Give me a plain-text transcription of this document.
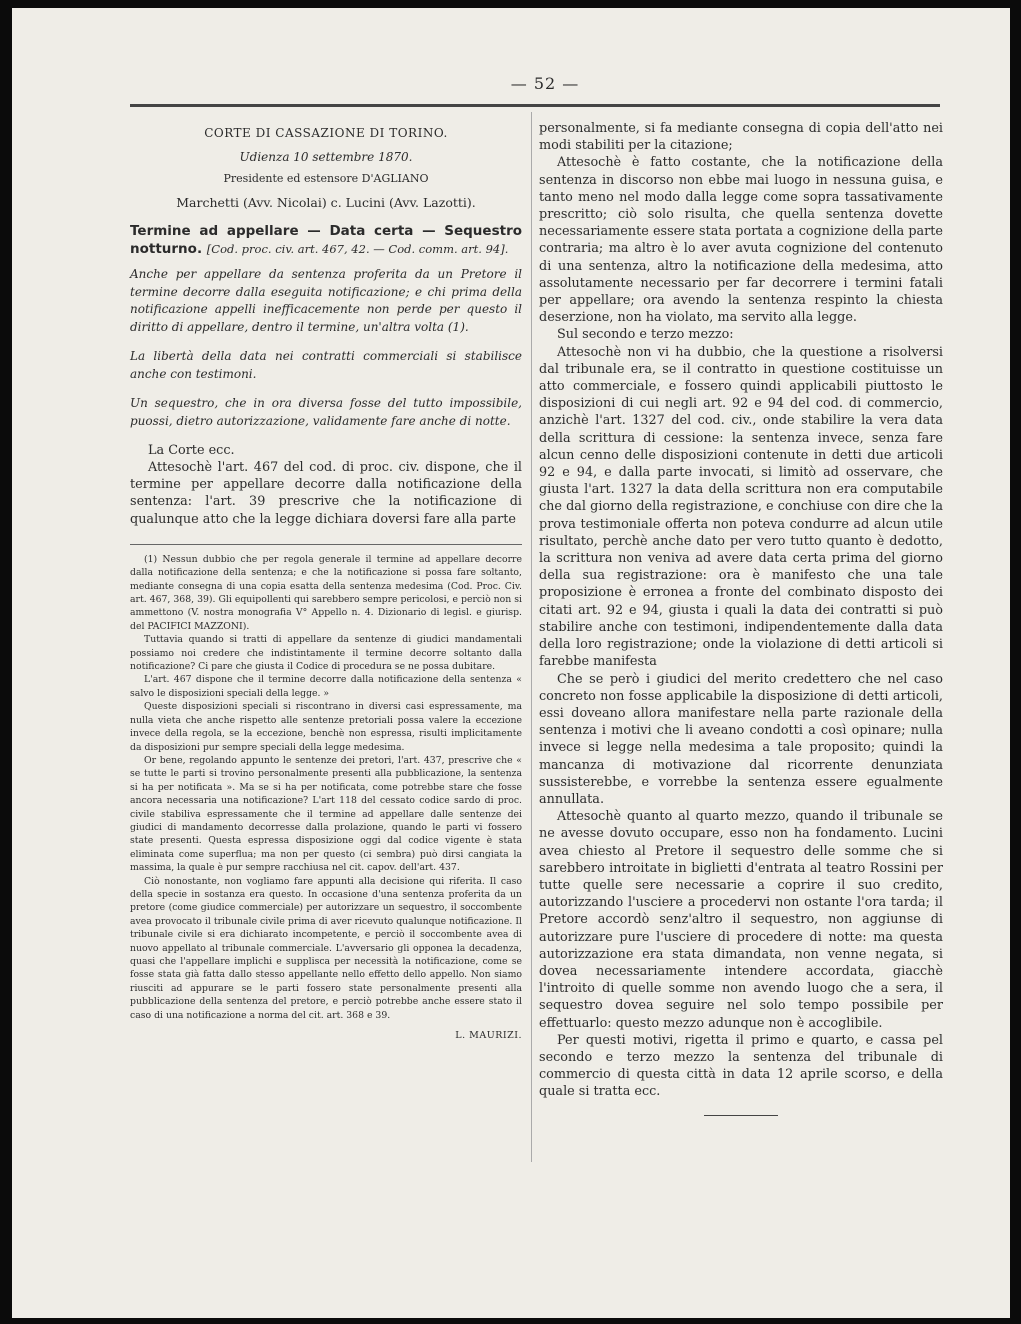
— 52 —
CORTE DI CASSAZIONE DI TORINO.
Udienza 10 settembre 1870.
Presidente ed estensore D'AGLIANO
Marchetti (Avv. Nicolai) c. Lucini (Avv. Lazotti).
Termine ad appellare — Data certa — Sequestro notturno. [Cod. proc. civ. art. 467, 42. — Cod. comm. art. 94].

Anche per appellare da sentenza proferita da un Pretore il termine decorre dalla eseguita notificazione; e chi prima della notificazione appelli inefficacemente non perde per questo il diritto di appellare, dentro il termine, un'altra volta (1).

La libertà della data nei contratti commerciali si stabilisce anche con testimoni.

Un sequestro, che in ora diversa fosse del tutto impossibile, puossi, dietro autorizzazione, validamente fare anche di notte.

La Corte ecc.

Attesochè l'art. 467 del cod. di proc. civ. dispone, che il termine per appellare decorre dalla notificazione della sentenza: l'art. 39 prescrive che la notificazione di qualunque atto che la legge dichiara doversi fare alla parte

(1) Nessun dubbio che per regola generale il termine ad appellare decorre dalla notificazione della sentenza; e che la notificazione si possa fare soltanto, mediante consegna di una copia esatta della sentenza medesima (Cod. Proc. Civ. art. 467, 368, 39). Gli equipollenti qui sarebbero sempre pericolosi, e perciò non si ammettono (V. nostra monografia V° Appello n. 4. Dizionario di legisl. e giurisp. del PACIFICI MAZZONI).

Tuttavia quando si tratti di appellare da sentenze di giudici mandamentali possiamo noi credere che indistintamente il termine decorre soltanto dalla notificazione? Ci pare che giusta il Codice di procedura se ne possa dubitare.

L'art. 467 dispone che il termine decorre dalla notificazione della sentenza « salvo le disposizioni speciali della legge. »

Queste disposizioni speciali si riscontrano in diversi casi espressamente, ma nulla vieta che anche rispetto alle sentenze pretoriali possa valere la eccezione invece della regola, se la eccezione, benchè non espressa, risulti implicitamente da disposizioni pur sempre speciali della legge medesima.

Or bene, regolando appunto le sentenze dei pretori, l'art. 437, prescrive che « se tutte le parti si trovino personalmente presenti alla pubblicazione, la sentenza si ha per notificata ». Ma se si ha per notificata, come potrebbe stare che fosse ancora necessaria una notificazione? L'art 118 del cessato codice sardo di proc. civile stabiliva espressamente che il termine ad appellare dalle sentenze dei giudici di mandamento decorresse dalla prolazione, quando le parti vi fossero state presenti. Questa espressa disposizione oggi dal codice vigente è stata eliminata come superflua; ma non per questo (ci sembra) può dirsi cangiata la massima, la quale è pur sempre racchiusa nel cit. capov. dell'art. 437.

Ciò nonostante, non vogliamo fare appunti alla decisione qui riferita. Il caso della specie in sostanza era questo. In occasione d'una sentenza proferita da un pretore (come giudice commerciale) per autorizzare un sequestro, il soccombente avea provocato il tribunale civile prima di aver ricevuto qualunque notificazione. Il tribunale civile si era dichiarato incompetente, e perciò il soccombente avea di nuovo appellato al tribunale commerciale. L'avversario gli opponea la decadenza, quasi che l'appellare implichi e supplisca per necessità la notificazione, come se fosse stata già fatta dallo stesso appellante nello effetto dello appello. Non siamo riusciti ad appurare se le parti fossero state personalmente presenti alla pubblicazione della sentenza del pretore, e perciò potrebbe anche essere stato il caso di una notificazione a norma del cit. art. 368 e 39.

L. MAURIZI.

personalmente, si fa mediante consegna di copia dell'atto nei modi stabiliti per la citazione;

Attesochè è fatto costante, che la notificazione della sentenza in discorso non ebbe mai luogo in nessuna guisa, e tanto meno nel modo dalla legge come sopra tassativamente prescritto; ciò solo risulta, che quella sentenza dovette necessariamente essere stata portata a cognizione della parte contraria; ma altro è lo aver avuta cognizione del contenuto di una sentenza, altro la notificazione della medesima, atto assolutamente necessario per far decorrere i termini fatali per appellare; ora avendo la sentenza respinto la chiesta deserzione, non ha violato, ma servito alla legge.

Sul secondo e terzo mezzo:

Attesochè non vi ha dubbio, che la questione a risolversi dal tribunale era, se il contratto in questione costituisse un atto commerciale, e fossero quindi applicabili piuttosto le disposizioni di cui negli art. 92 e 94 del cod. di commercio, anzichè l'art. 1327 del cod. civ., onde stabilire la vera data della scrittura di cessione: la sentenza invece, senza fare alcun cenno delle disposizioni contenute in detti due articoli 92 e 94, e dalla parte invocati, si limitò ad osservare, che giusta l'art. 1327 la data della scrittura non era computabile che dal giorno della registrazione, e conchiuse con dire che la prova testimoniale offerta non poteva condurre ad alcun utile risultato, perchè anche dato per vero tutto quanto è dedotto, la scrittura non veniva ad avere data certa prima del giorno della sua registrazione: ora è manifesto che una tale proposizione è erronea a fronte del combinato disposto dei citati art. 92 e 94, giusta i quali la data dei contratti si può stabilire anche con testimoni, indipendentemente dalla data della loro registrazione; onde la violazione di detti articoli si farebbe manifesta

Che se però i giudici del merito credettero che nel caso concreto non fosse applicabile la disposizione di detti articoli, essi doveano allora manifestare nella parte razionale della sentenza i motivi che li aveano condotti a così opinare; nulla invece si legge nella medesima a tale proposito; quindi la mancanza di motivazione dal ricorrente denunziata sussisterebbe, e vorrebbe la sentenza essere egualmente annullata.

Attesochè quanto al quarto mezzo, quando il tribunale se ne avesse dovuto occupare, esso non ha fondamento. Lucini avea chiesto al Pretore il sequestro delle somme che si sarebbero introitate in biglietti d'entrata al teatro Rossini per tutte quelle sere necessarie a coprire il suo credito, autorizzando l'usciere a procedervi non ostante l'ora tarda; il Pretore accordò senz'altro il sequestro, non aggiunse di autorizzare pure l'usciere di procedere di notte: ma questa autorizzazione era stata dimandata, non venne negata, si dovea necessariamente intendere accordata, giacchè l'introito di quelle somme non avendo luogo che a sera, il sequestro dovea seguire nel solo tempo possibile per effettuarlo: questo mezzo adunque non è accoglibile.

Per questi motivi, rigetta il primo e quarto, e cassa pel secondo e terzo mezzo la sentenza del tribunale di commercio di questa città in data 12 aprile scorso, e della quale si tratta ecc.
